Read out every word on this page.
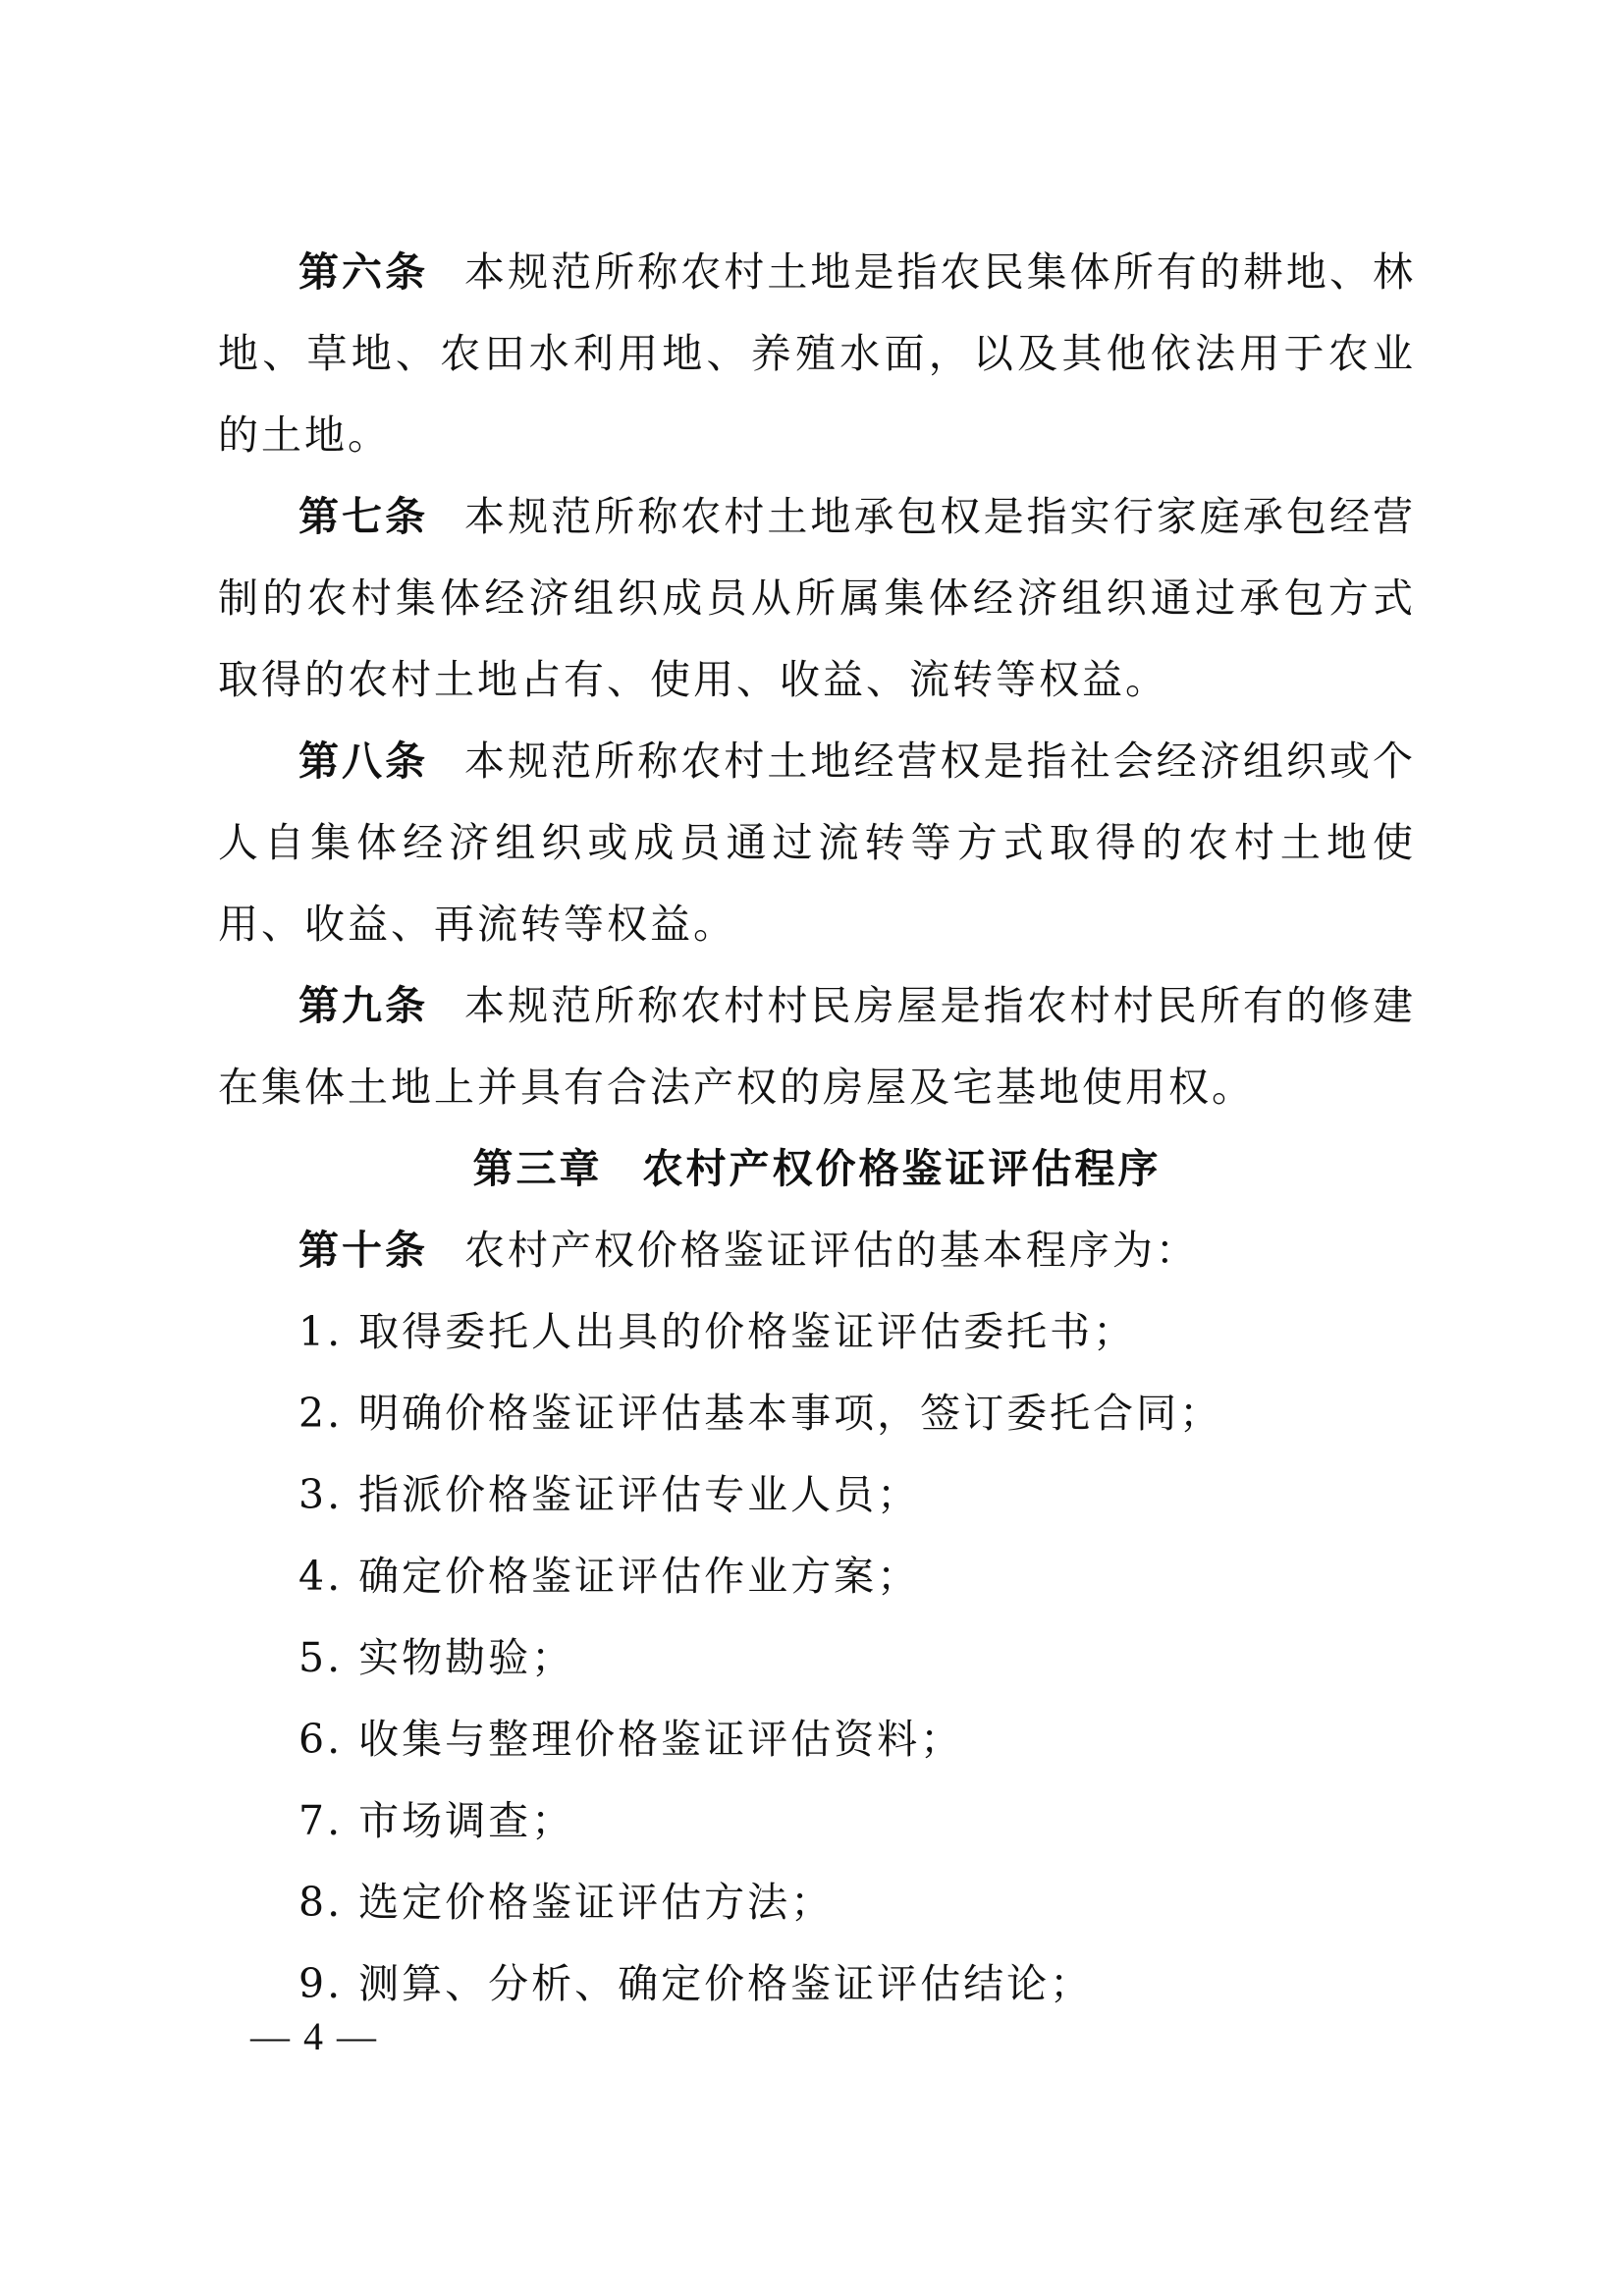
第六条 本规范所称农村土地是指农民集体所有的耕地、林地、草地、农田水利用地、养殖水面，以及其他依法用于农业的土地。

第七条 本规范所称农村土地承包权是指实行家庭承包经营制的农村集体经济组织成员从所属集体经济组织通过承包方式取得的农村土地占有、使用、收益、流转等权益。

第八条 本规范所称农村土地经营权是指社会经济组织或个人自集体经济组织或成员通过流转等方式取得的农村土地使用、收益、再流转等权益。

第九条 本规范所称农村村民房屋是指农村村民所有的修建在集体土地上并具有合法产权的房屋及宅基地使用权。

第三章 农村产权价格鉴证评估程序

第十条 农村产权价格鉴证评估的基本程序为：

1. 取得委托人出具的价格鉴证评估委托书；
2. 明确价格鉴证评估基本事项，签订委托合同；
3. 指派价格鉴证评估专业人员；
4. 确定价格鉴证评估作业方案；
5. 实物勘验；
6. 收集与整理价格鉴证评估资料；
7. 市场调查；
8. 选定价格鉴证评估方法；
9. 测算、分析、确定价格鉴证评估结论；
— 4 —
